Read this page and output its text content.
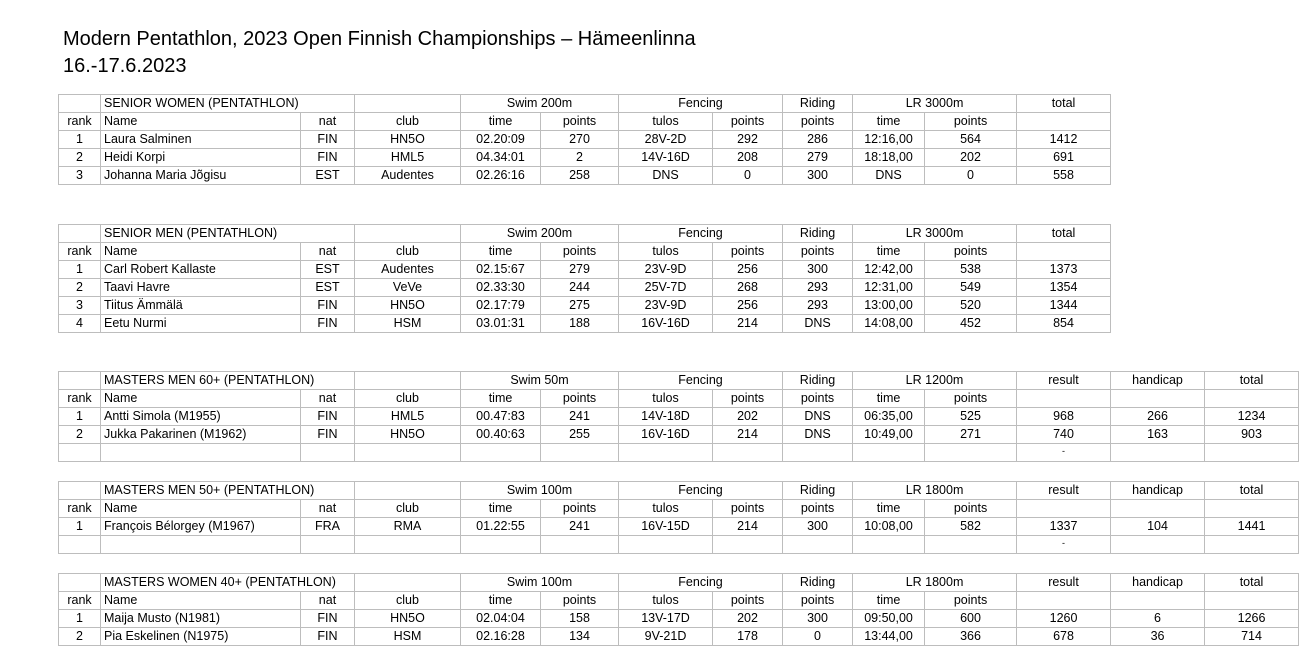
Modern Pentathlon, 2023 Open Finnish Championships – Hämeenlinna
16.-17.6.2023
	SENIOR WOMEN (PENTATHLON)			Swim 200m		Fencing		Riding	LR 3000m		total
rank	Name	nat	club	time	points	tulos	points	points	time	points	
1	Laura Salminen	FIN	HN5O	02.20:09	270	28V-2D	292	286	12:16,00	564	1412
2	Heidi Korpi	FIN	HML5	04.34:01	2	14V-16D	208	279	18:18,00	202	691
3	Johanna Maria Jõgisu	EST	Audentes	02.26:16	258	DNS	0	300	DNS	0	558
	SENIOR MEN (PENTATHLON)			Swim 200m		Fencing		Riding	LR 3000m		total
rank	Name	nat	club	time	points	tulos	points	points	time	points	
1	Carl Robert Kallaste	EST	Audentes	02.15:67	279	23V-9D	256	300	12:42,00	538	1373
2	Taavi Havre	EST	VeVe	02.33:30	244	25V-7D	268	293	12:31,00	549	1354
3	Tiitus Ämmälä	FIN	HN5O	02.17:79	275	23V-9D	256	293	13:00,00	520	1344
4	Eetu Nurmi	FIN	HSM	03.01:31	188	16V-16D	214	DNS	14:08,00	452	854
	MASTERS MEN 60+ (PENTATHLON)			Swim 50m		Fencing		Riding	LR 1200m		result	handicap	total
rank	Name	nat	club	time	points	tulos	points	points	time	points			
1	Antti Simola (M1955)	FIN	HML5	00.47:83	241	14V-18D	202	DNS	06:35,00	525	968	266	1234
2	Jukka Pakarinen (M1962)	FIN	HN5O	00.40:63	255	16V-16D	214	DNS	10:49,00	271	740	163	903

											-		

	MASTERS MEN 50+ (PENTATHLON)			Swim 100m		Fencing		Riding	LR 1800m		result	handicap	total
rank	Name	nat	club	time	points	tulos	points	points	time	points			
1	François Bélorgey (M1967)	FRA	RMA	01.22:55	241	16V-15D	214	300	10:08,00	582	1337	104	1441

											-		

	MASTERS WOMEN 40+ (PENTATHLON)			Swim 100m		Fencing		Riding	LR 1800m		result	handicap	total
rank	Name	nat	club	time	points	tulos	points	points	time	points			
1	Maija Musto (N1981)	FIN	HN5O	02.04:04	158	13V-17D	202	300	09:50,00	600	1260	6	1266
2	Pia Eskelinen (N1975)	FIN	HSM	02.16:28	134	9V-21D	178	0	13:44,00	366	678	36	714
